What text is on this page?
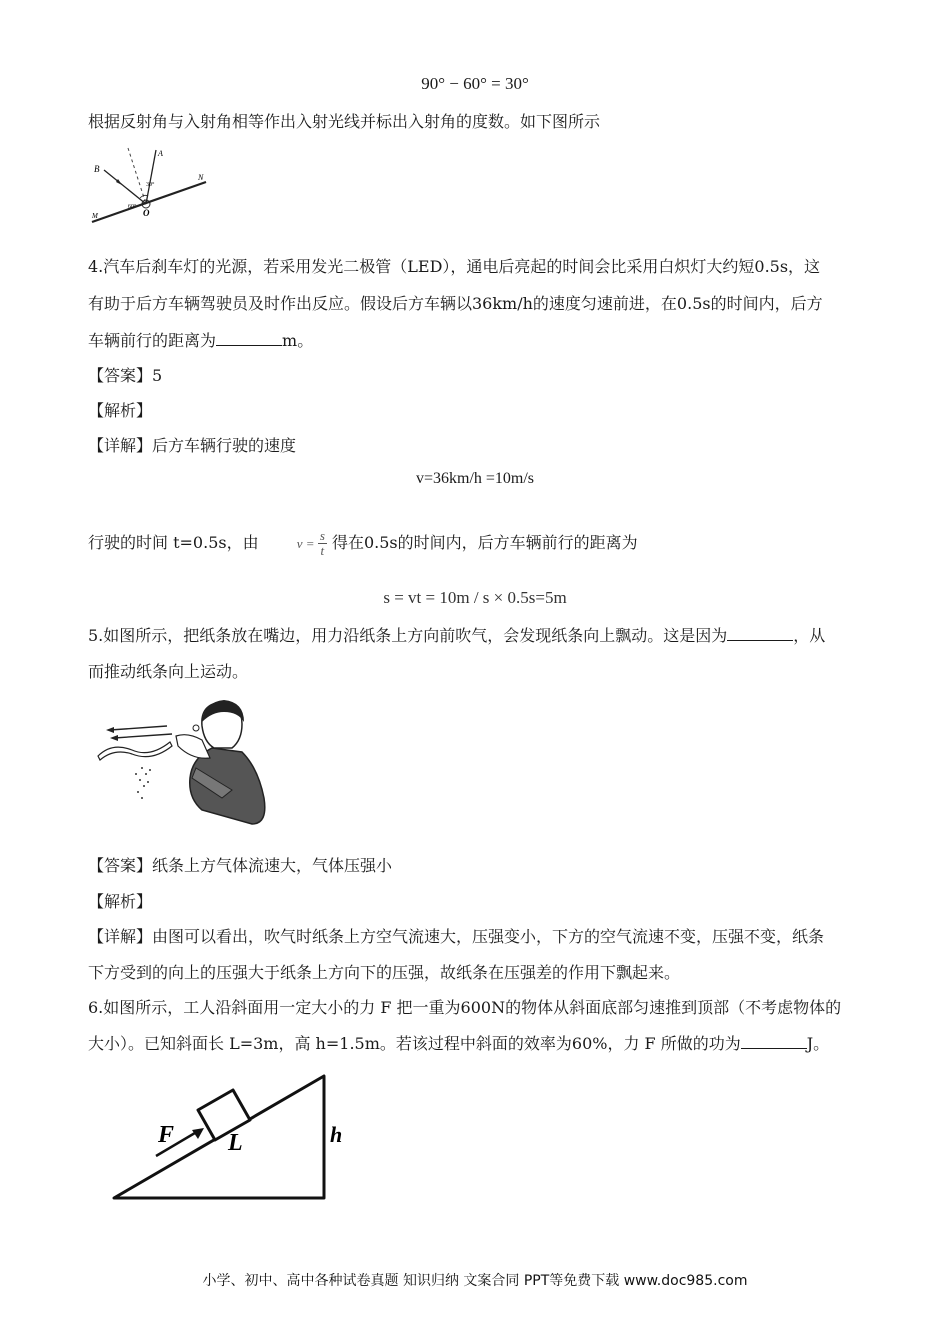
90° − 60° = 30°
根据反射角与入射角相等作出入射光线并标出入射角的度数。如下图所示
B
A
N
M	O
30°
60°
4.汽车后刹车灯的光源，若采用发光二极管（LED），通电后亮起的时间会比采用白炽灯大约短0.5s，这
有助于后方车辆驾驶员及时作出反应。假设后方车辆以36km/h的速度匀速前进，在0.5s的时间内，后方
车辆前行的距离为	m。
【答案】5
【解析】
【详解】后方车辆行驶的速度
v=36km/h =10m/s
行驶的时间 t=0.5s，由	$v = \frac{s}{t}$ 得在0.5s的时间内，后方车辆前行的距离为
s = vt = 10m / s × 0.5s=5m
5.如图所示，把纸条放在嘴边，用力沿纸条上方向前吹气，会发现纸条向上飘动。这是因为	，从
而推动纸条向上运动。
【答案】纸条上方气体流速大，气体压强小
【解析】
【详解】由图可以看出，吹气时纸条上方空气流速大，压强变小，下方的空气流速不变，压强不变，纸条
下方受到的向上的压强大于纸条上方向下的压强，故纸条在压强差的作用下飘起来。
6.如图所示，工人沿斜面用一定大小的力 F 把一重为600N的物体从斜面底部匀速推到顶部（不考虑物体的
大小）。已知斜面长 L=3m，高 h=1.5m。若该过程中斜面的效率为60%，力 F 所做的功为	J。
F L	h
小学、初中、高中各种试卷真题 知识归纳 文案合同 PPT等免费下载 www.doc985.com
